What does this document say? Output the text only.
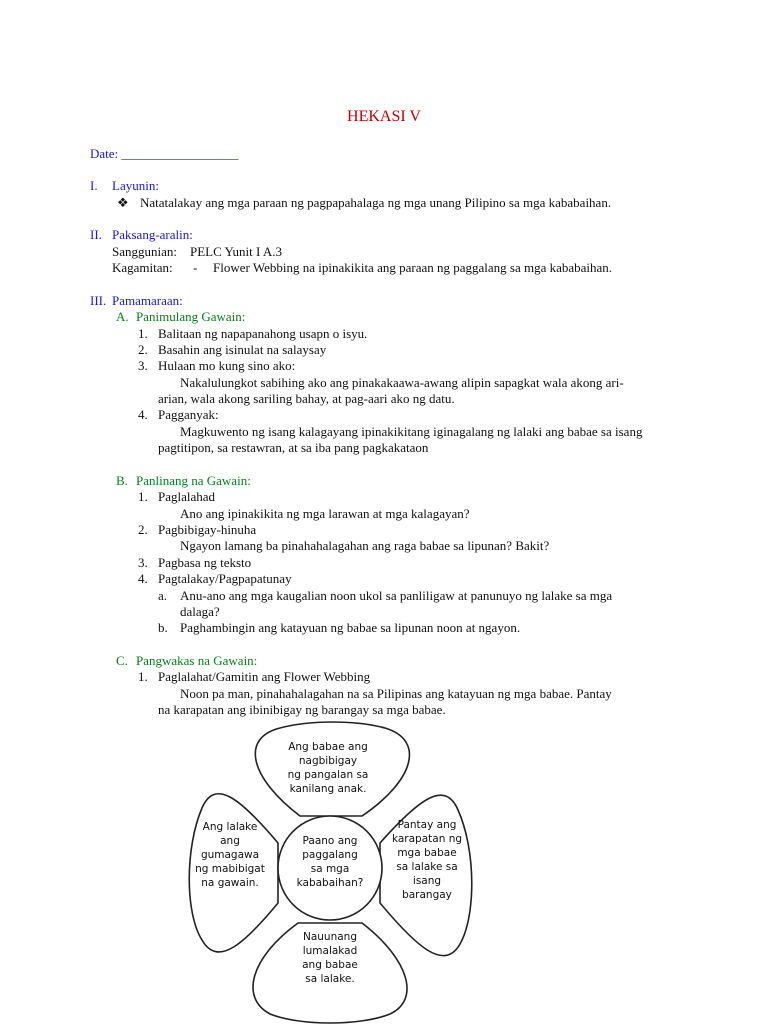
HEKASI V
Date: __________________
I. Layunin:
❖ Natatalakay ang mga paraan ng pagpapahalaga ng mga unang Pilipino sa mga kababaihan.
II. Paksang-aralin:
Sanggunian: PELC Yunit I A.3
Kagamitan: - Flower Webbing na ipinakikita ang paraan ng paggalang sa mga kababaihan.
III. Pamamaraan:
A. Panimulang Gawain:
1. Balitaan ng napapanahong usapn o isyu.
2. Basahin ang isinulat na salaysay
3. Hulaan mo kung sino ako:
Nakalulungkot sabihing ako ang pinakakaawa-awang alipin sapagkat wala akong ari-
arian, wala akong sariling bahay, at pag-aari ako ng datu.
4. Pagganyak:
Magkuwento ng isang kalagayang ipinakikitang iginagalang ng lalaki ang babae sa isang
pagtitipon, sa restawran, at sa iba pang pagkakataon
B. Panlinang na Gawain:
1. Paglalahad
Ano ang ipinakikita ng mga larawan at mga kalagayan?
2. Pagbibigay-hinuha
Ngayon lamang ba pinahahalagahan ang raga babae sa lipunan? Bakit?
3. Pagbasa ng teksto
4. Pagtalakay/Pagpapatunay
a. Anu-ano ang mga kaugalian noon ukol sa panliligaw at panunuyo ng lalake sa mga
dalaga?
b. Paghambingin ang katayuan ng babae sa lipunan noon at ngayon.
C. Pangwakas na Gawain:
1. Paglalahat/Gamitin ang Flower Webbing
Noon pa man, pinahahalagahan na sa Pilipinas ang katayuan ng mga babae. Pantay
na karapatan ang ibinibigay ng barangay sa mga babae.
Paano ang
paggalang
sa mga
kababaihan?
Ang babae ang
nagbibigay
ng pangalan sa
kanilang anak.
Ang lalake
ang
gumagawa
ng mabibigat
na gawain.
Pantay ang
karapatan ng
mga babae
sa lalake sa
isang
barangay
Nauunang
lumalakad
ang babae
sa lalake.
